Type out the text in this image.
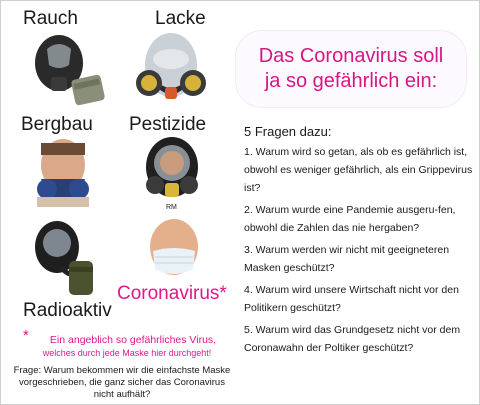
Rauch	Lacke
Bergbau Pestizide
RM
Radioaktiv
Coronavirus*
*	Ein angeblich so gefährliches Virus,
welches durch jede Maske hier durchgeht!
Frage: Warum bekommen wir die einfachste Maske vorgeschrieben, die ganz sicher das Coronavirus nicht aufhält?
Das Coronavirus soll
ja so gefährlich ein:
5 Fragen dazu:
1. Warum wird so getan, als ob es gefährlich ist, obwohl es weniger gefährlich, als ein Grippevirus ist?
2. Warum wurde eine Pandemie ausgeru-fen, obwohl die Zahlen das nie hergaben?
3. Warum werden wir nicht mit geeigneteren Masken geschützt?
4. Warum wird unsere Wirtschaft nicht vor den Politikern geschützt?
5. Warum wird das Grundgesetz nicht vor dem Coronawahn der Poltiker geschützt?
